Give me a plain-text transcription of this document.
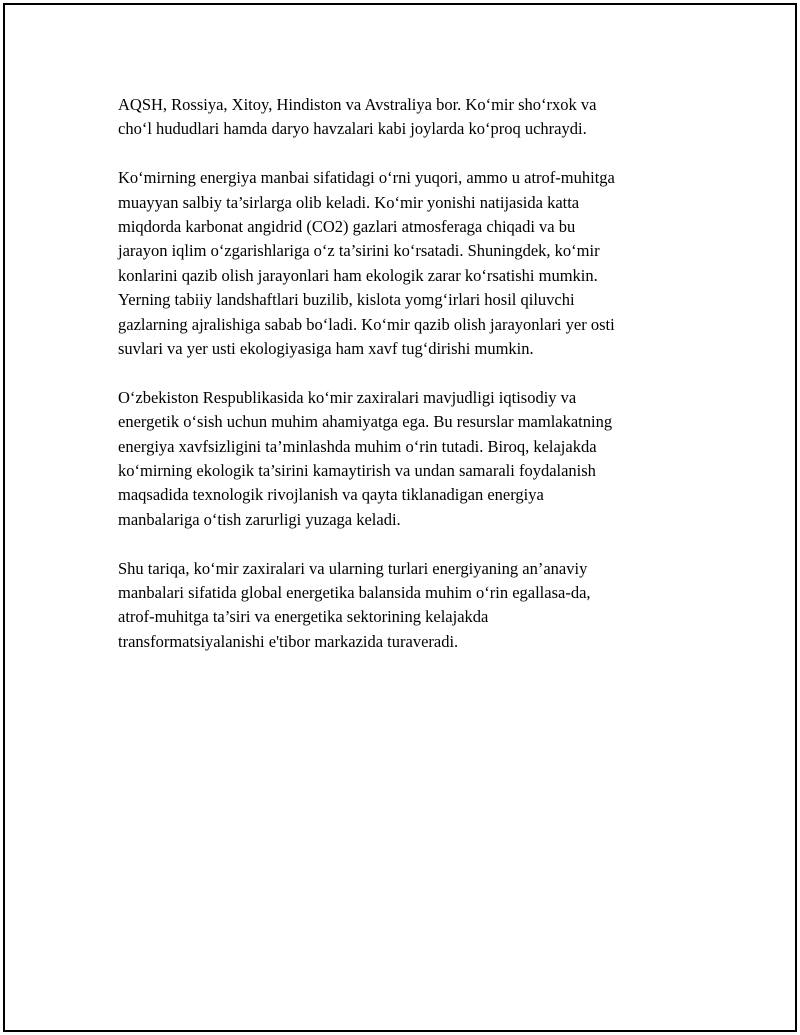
AQSH, Rossiya, Xitoy, Hindiston va Avstraliya bor. Ko‘mir sho‘rxok va
cho‘l hududlari hamda daryo havzalari kabi joylarda ko‘proq uchraydi.

Ko‘mirning energiya manbai sifatidagi o‘rni yuqori, ammo u atrof-muhitga
muayyan salbiy ta’sirlarga olib keladi. Ko‘mir yonishi natijasida katta
miqdorda karbonat angidrid (CO2) gazlari atmosferaga chiqadi va bu
jarayon iqlim o‘zgarishlariga o‘z ta’sirini ko‘rsatadi. Shuningdek, ko‘mir
konlarini qazib olish jarayonlari ham ekologik zarar ko‘rsatishi mumkin.
Yerning tabiiy landshaftlari buzilib, kislota yomg‘irlari hosil qiluvchi
gazlarning ajralishiga sabab bo‘ladi. Ko‘mir qazib olish jarayonlari yer osti
suvlari va yer usti ekologiyasiga ham xavf tug‘dirishi mumkin.

O‘zbekiston Respublikasida ko‘mir zaxiralari mavjudligi iqtisodiy va
energetik o‘sish uchun muhim ahamiyatga ega. Bu resurslar mamlakatning
energiya xavfsizligini ta’minlashda muhim o‘rin tutadi. Biroq, kelajakda
ko‘mirning ekologik ta’sirini kamaytirish va undan samarali foydalanish
maqsadida texnologik rivojlanish va qayta tiklanadigan energiya
manbalariga o‘tish zarurligi yuzaga keladi.

Shu tariqa, ko‘mir zaxiralari va ularning turlari energiyaning an’anaviy
manbalari sifatida global energetika balansida muhim o‘rin egallasa-da,
atrof-muhitga ta’siri va energetika sektorining kelajakda
transformatsiyalanishi e'tibor markazida turaveradi.
